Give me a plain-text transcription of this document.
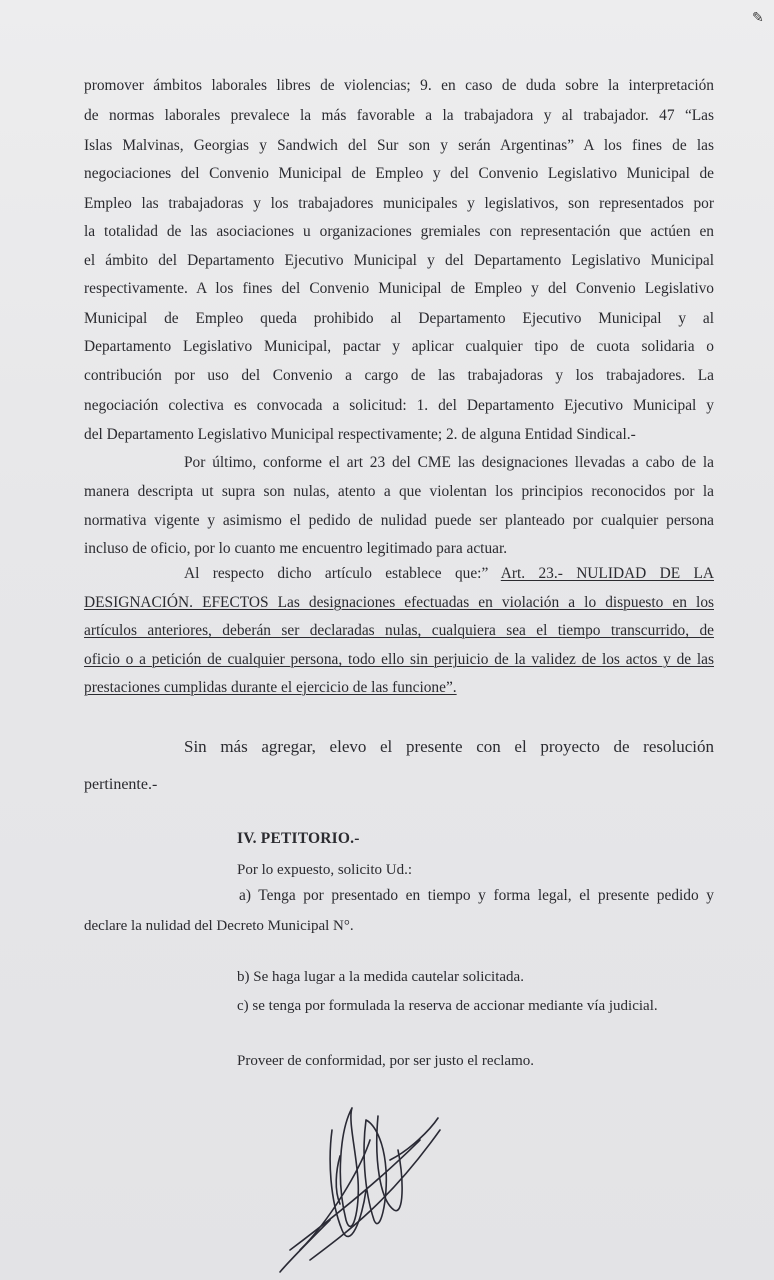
✎
promover ámbitos laborales libres de violencias; 9. en caso de duda sobre la interpretación
de normas laborales prevalece la más favorable a la trabajadora y al trabajador. 47 “Las
Islas Malvinas, Georgias y Sandwich del Sur son y serán Argentinas” A los fines de las
negociaciones del Convenio Municipal de Empleo y del Convenio Legislativo Municipal de
Empleo las trabajadoras y los trabajadores municipales y legislativos, son representados por
la totalidad de las asociaciones u organizaciones gremiales con representación que actúen en
el ámbito del Departamento Ejecutivo Municipal y del Departamento Legislativo Municipal
respectivamente. A los fines del Convenio Municipal de Empleo y del Convenio Legislativo
Municipal de Empleo queda prohibido al Departamento Ejecutivo Municipal y al
Departamento Legislativo Municipal, pactar y aplicar cualquier tipo de cuota solidaria o
contribución por uso del Convenio a cargo de las trabajadoras y los trabajadores. La
negociación colectiva es convocada a solicitud: 1. del Departamento Ejecutivo Municipal y
del Departamento Legislativo Municipal respectivamente; 2. de alguna Entidad Sindical.-
Por último, conforme el art 23 del CME las designaciones llevadas a cabo de la
manera descripta ut supra son nulas, atento a que violentan los principios reconocidos por la
normativa vigente y asimismo el pedido de nulidad puede ser planteado por cualquier persona
incluso de oficio, por lo cuanto me encuentro legitimado para actuar.
Al respecto dicho artículo establece que:” Art. 23.- NULIDAD DE LA
DESIGNACIÓN. EFECTOS Las designaciones efectuadas en violación a lo dispuesto en los
artículos anteriores, deberán ser declaradas nulas, cualquiera sea el tiempo transcurrido, de
oficio o a petición de cualquier persona, todo ello sin perjuicio de la validez de los actos y de las
prestaciones cumplidas durante el ejercicio de las funcione”.
Sin más agregar, elevo el presente con el proyecto de resolución
pertinente.-
IV. PETITORIO.-
Por lo expuesto, solicito Ud.:
a) Tenga por presentado en tiempo y forma legal, el presente pedido y
declare la nulidad del Decreto Municipal N°.
b) Se haga lugar a la medida cautelar solicitada.
c) se tenga por formulada la reserva de accionar mediante vía judicial.
Proveer de conformidad, por ser justo el reclamo.
